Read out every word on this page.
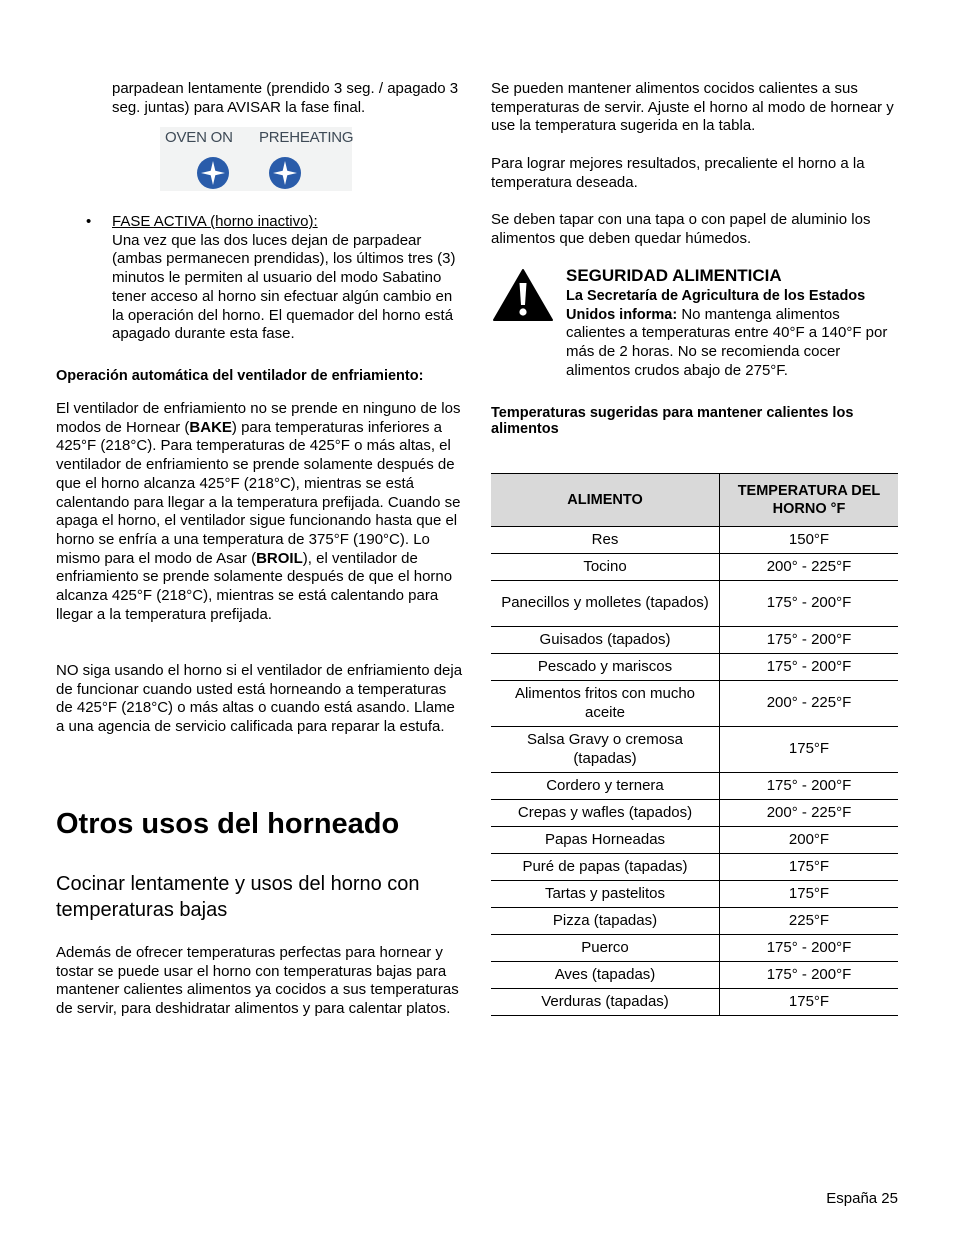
parpadean lentamente (prendido 3 seg. / apagado 3 seg. juntas) para AVISAR la fase final.

OVEN ON PREHEATING
• FASE ACTIVA (horno inactivo):

Una vez que las dos luces dejan de parpadear (ambas permanecen prendidas), los últimos tres (3) minutos le permiten al usuario del modo Sabatino tener acceso al horno sin efectuar algún cambio en la operación del horno. El quemador del horno está apagado durante esta fase.

Operación automática del ventilador de enfriamiento:

El ventilador de enfriamiento no se prende en ninguno de los modos de Hornear (BAKE) para temperaturas inferiores a 425°F (218°C). Para temperaturas de 425°F o más altas, el ventilador de enfriamiento se prende solamente después de que el horno alcanza 425°F (218°C), mientras se está calentando para llegar a la temperatura prefijada. Cuando se apaga el horno, el ventilador sigue funcionando hasta que el horno se enfría a una temperatura de 375°F (190°C). Lo mismo para el modo de Asar (BROIL), el ventilador de enfriamiento se prende solamente después de que el horno alcanza 425°F (218°C), mientras se está calentando para llegar a la temperatura prefijada.

NO siga usando el horno si el ventilador de enfriamiento deja de funcionar cuando usted está horneando a temperaturas de 425°F (218°C) o más altas o cuando está asando. Llame a una agencia de servicio calificada para reparar la estufa.

Otros usos del horneado
Cocinar lentamente y usos del horno con temperaturas bajas

Además de ofrecer temperaturas perfectas para hornear y tostar se puede usar el horno con temperaturas bajas para mantener calientes alimentos ya cocidos a sus temperaturas de servir, para deshidratar alimentos y para calentar platos.

Se pueden mantener alimentos cocidos calientes a sus temperaturas de servir. Ajuste el horno al modo de hornear y use la temperatura sugerida en la tabla.

Para lograr mejores resultados, precaliente el horno a la temperatura deseada.

Se deben tapar con una tapa o con papel de aluminio los alimentos que deben quedar húmedos.

SEGURIDAD ALIMENTICIA

La Secretaría de Agricultura de los Estados Unidos informa: No mantenga alimentos calientes a temperaturas entre 40°F a 140°F por más de 2 horas. No se recomienda cocer alimentos crudos abajo de 275°F.

Temperaturas sugeridas para mantener calientes los alimentos

ALIMENTO	TEMPERATURA DEL HORNO °F
Res	150°F
Tocino	200° - 225°F
Panecillos y molletes (tapados)	175° - 200°F
Guisados (tapados)	175° - 200°F
Pescado y mariscos	175° - 200°F
Alimentos fritos con mucho aceite	200° - 225°F
Salsa Gravy o cremosa (tapadas)	175°F
Cordero y ternera	175° - 200°F
Crepas y wafles (tapados)	200° - 225°F
Papas Horneadas	200°F
Puré de papas (tapadas)	175°F
Tartas y pastelitos	175°F
Pizza (tapadas)	225°F
Puerco	175° - 200°F
Aves (tapadas)	175° - 200°F
Verduras (tapadas)	175°F

España 25
